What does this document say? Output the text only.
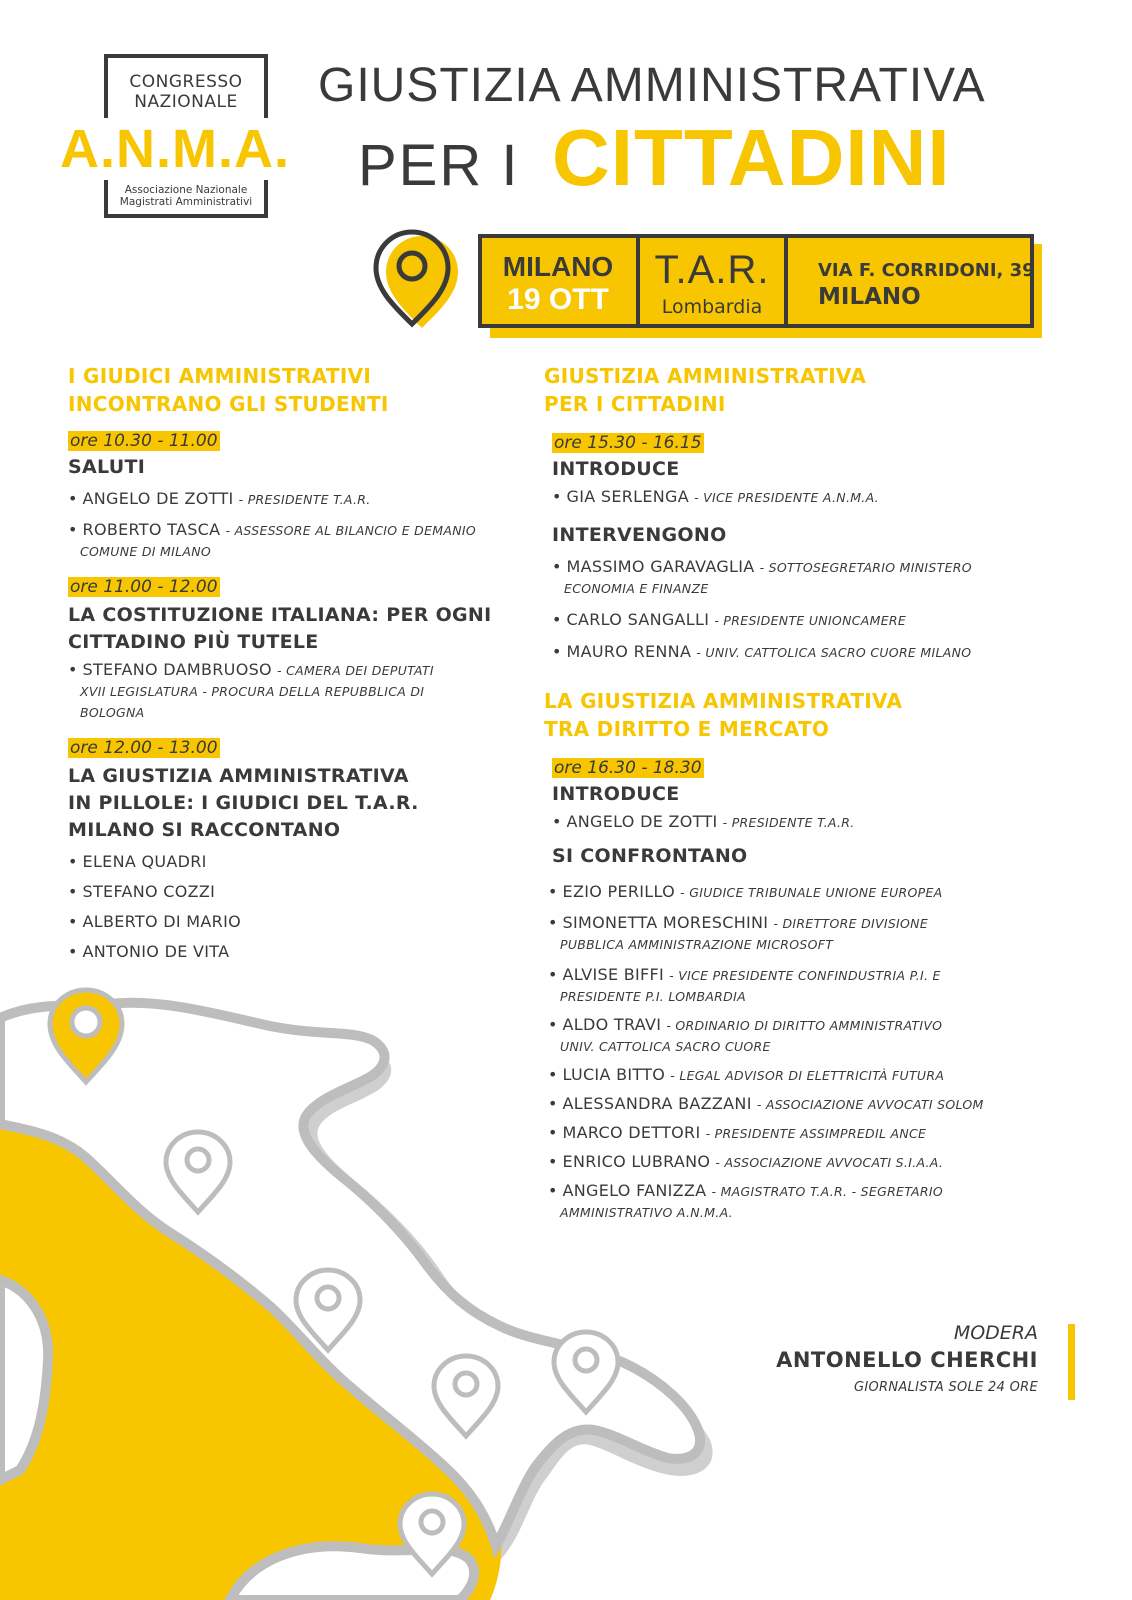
CONGRESSO
NAZIONALE
A.N.M.A.
Associazione Nazionale
Magistrati Amministrativi
GIUSTIZIA AMMINISTRATIVA
PER I CITTADINI
MILANO
19 OTT
T.A.R.
Lombardia
VIA F. CORRIDONI, 39
MILANO
I GIUDICI AMMINISTRATIVI
INCONTRANO GLI STUDENTI
ore 10.30 - 11.00
SALUTI
• ANGELO DE ZOTTI - PRESIDENTE T.A.R.
• ROBERTO TASCA - ASSESSORE AL BILANCIO E DEMANIO
COMUNE DI MILANO
ore 11.00 - 12.00
LA COSTITUZIONE ITALIANA: PER OGNI
CITTADINO PIÙ TUTELE
• STEFANO DAMBRUOSO - CAMERA DEI DEPUTATI
XVII LEGISLATURA - PROCURA DELLA REPUBBLICA DI
BOLOGNA
ore 12.00 - 13.00
LA GIUSTIZIA AMMINISTRATIVA
IN PILLOLE: I GIUDICI DEL T.A.R.
MILANO SI RACCONTANO
• ELENA QUADRI
• STEFANO COZZI
• ALBERTO DI MARIO
• ANTONIO DE VITA
GIUSTIZIA AMMINISTRATIVA
PER I CITTADINI
ore 15.30 - 16.15
INTRODUCE
• GIA SERLENGA - VICE PRESIDENTE A.N.M.A.
INTERVENGONO
• MASSIMO GARAVAGLIA - SOTTOSEGRETARIO MINISTERO
ECONOMIA E FINANZE
• CARLO SANGALLI - PRESIDENTE UNIONCAMERE
• MAURO RENNA - UNIV. CATTOLICA SACRO CUORE MILANO
LA GIUSTIZIA AMMINISTRATIVA
TRA DIRITTO E MERCATO
ore 16.30 - 18.30
INTRODUCE
• ANGELO DE ZOTTI - PRESIDENTE T.A.R.
SI CONFRONTANO
• EZIO PERILLO - GIUDICE TRIBUNALE UNIONE EUROPEA
• SIMONETTA MORESCHINI - DIRETTORE DIVISIONE
PUBBLICA AMMINISTRAZIONE MICROSOFT
• ALVISE BIFFI - VICE PRESIDENTE CONFINDUSTRIA P.I. E
PRESIDENTE P.I. LOMBARDIA
• ALDO TRAVI - ORDINARIO DI DIRITTO AMMINISTRATIVO
UNIV. CATTOLICA SACRO CUORE
• LUCIA BITTO - LEGAL ADVISOR DI ELETTRICITÀ FUTURA
• ALESSANDRA BAZZANI - ASSOCIAZIONE AVVOCATI SOLOM
• MARCO DETTORI - PRESIDENTE ASSIMPREDIL ANCE
• ENRICO LUBRANO - ASSOCIAZIONE AVVOCATI S.I.A.A.
• ANGELO FANIZZA - MAGISTRATO T.A.R. - SEGRETARIO
AMMINISTRATIVO A.N.M.A.
MODERA
ANTONELLO CHERCHI
GIORNALISTA SOLE 24 ORE
